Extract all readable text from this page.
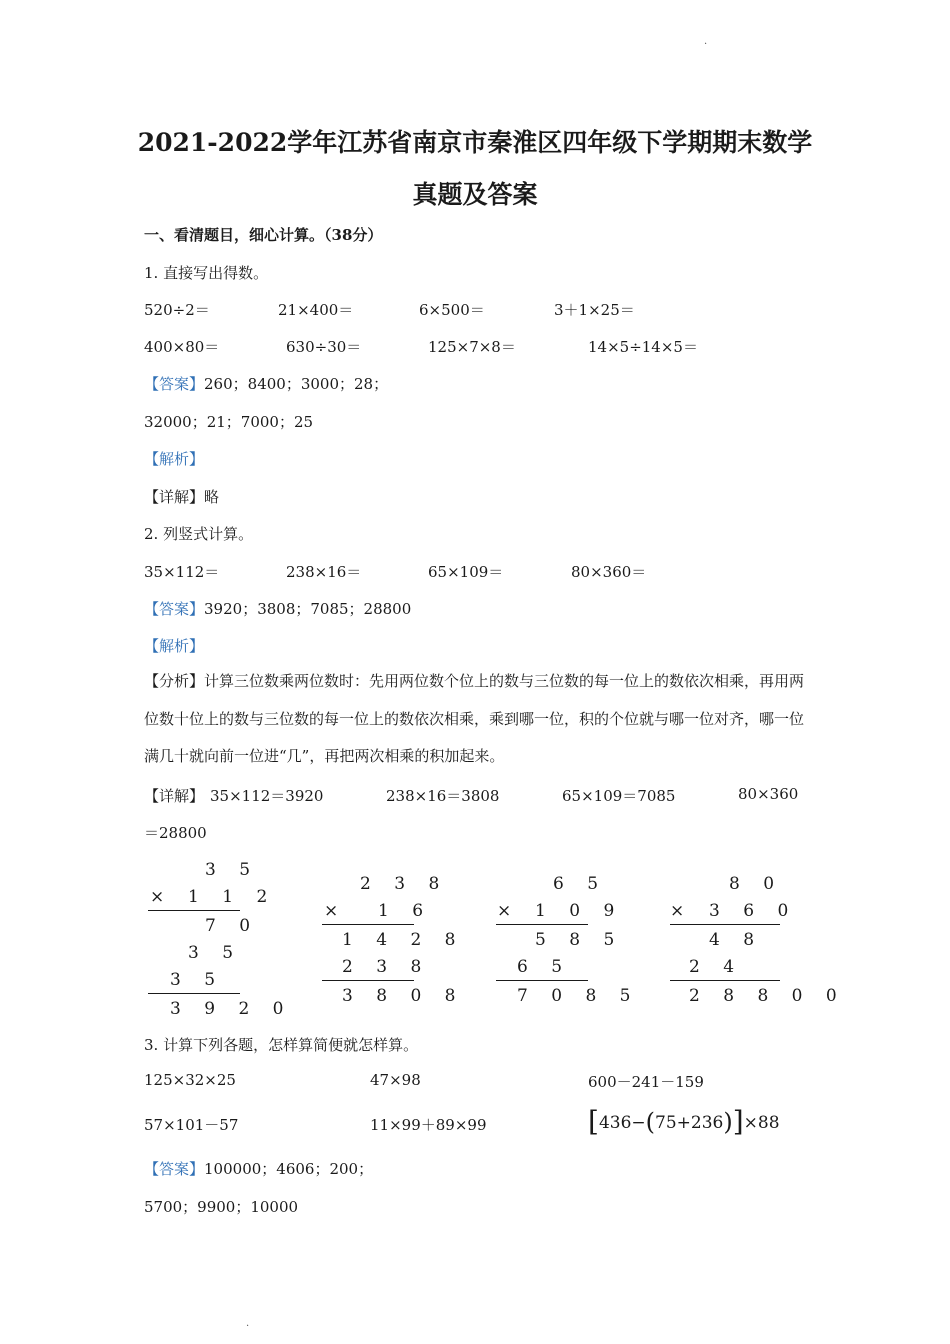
.
.
2021-2022学年江苏省南京市秦淮区四年级下学期期末数学
真题及答案
一、看清题目，细心计算。（38分）
1. 直接写出得数。
520÷2＝	21×400＝	6×500＝	3＋1×25＝
400×80＝	630÷30＝	125×7×8＝	14×5÷14×5＝
【答案】260；8400；3000；28；
32000；21；7000；25
【解析】
【详解】略
2. 列竖式计算。
35×112＝	238×16＝	65×109＝	80×360＝
【答案】3920；3808；7085；28800
【解析】
【分析】计算三位数乘两位数时：先用两位数个位上的数与三位数的每一位上的数依次相乘，再用两位数十位上的数与三位数的每一位上的数依次相乘，乘到哪一位，积的个位就与哪一位对齐，哪一位满几十就向前一位进“几”，再把两次相乘的积加起来。
【详解】 35×112＝3920	238×16＝3808	65×109＝7085	80×360
＝28800
3 5
× 1 1 2
7 0
3 5
3 5
3 9 2 0
2 3 8
× 1 6
1 4 2 8
2 3 8
3 8 0 8
6 5
× 1 0 9
5 8 5
6 5
7 0 8 5
8 0
× 3 6 0
4 8
2 4
2 8 8 0 0
3. 计算下列各题，怎样算简便就怎样算。
125×32×25	47×98	600－241－159
57×101－57	11×99＋89×99	[436−(75+236)]×88
【答案】100000；4606；200；
5700；9900；10000
